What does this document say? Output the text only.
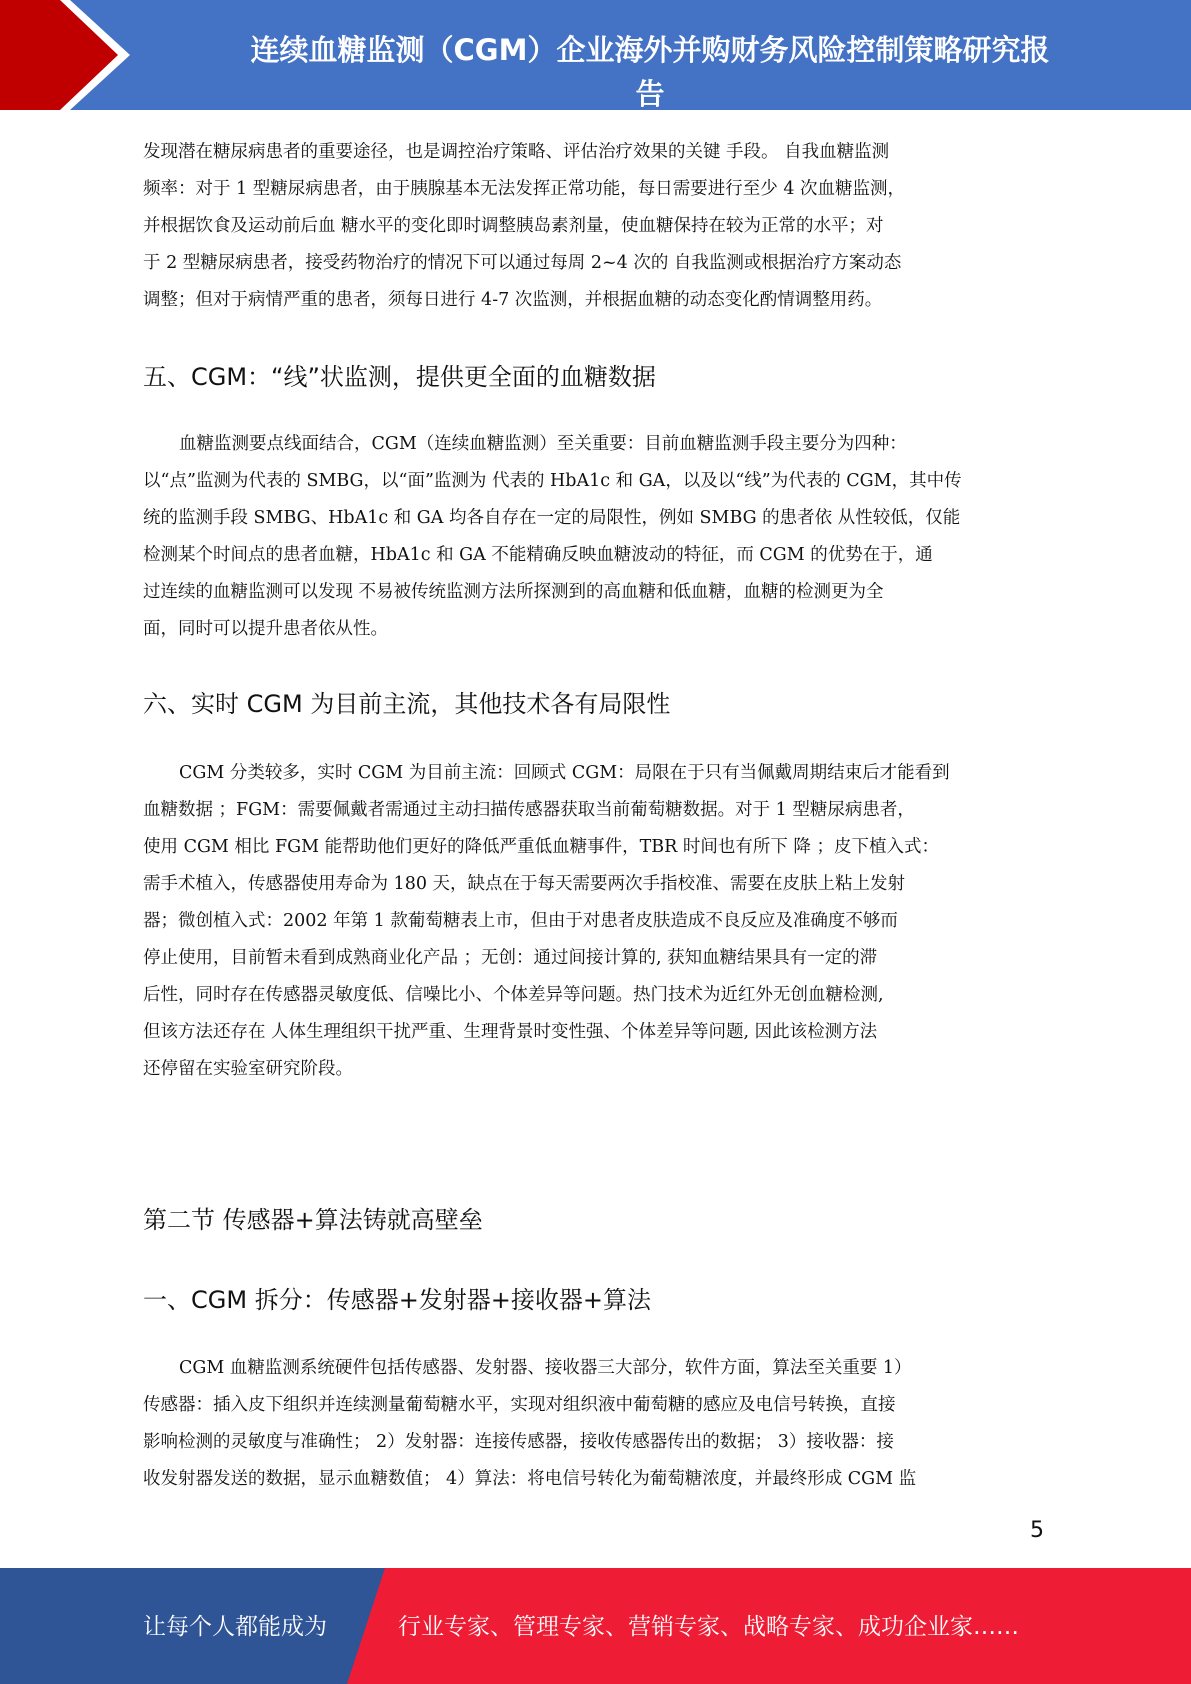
连续血糖监测（CGM）企业海外并购财务风险控制策略研究报
告
发现潜在糖尿病患者的重要途径，也是调控治疗策略、评估治疗效果的关键 手段。 自我血糖监测
频率：对于 1 型糖尿病患者，由于胰腺基本无法发挥正常功能，每日需要进行至少 4 次血糖监测，
并根据饮食及运动前后血 糖水平的变化即时调整胰岛素剂量，使血糖保持在较为正常的水平；对
于 2 型糖尿病患者，接受药物治疗的情况下可以通过每周 2~4 次的 自我监测或根据治疗方案动态
调整；但对于病情严重的患者，须每日进行 4-7 次监测，并根据血糖的动态变化酌情调整用药。
五、CGM：“线”状监测，提供更全面的血糖数据
血糖监测要点线面结合，CGM（连续血糖监测）至关重要：目前血糖监测手段主要分为四种：
以“点”监测为代表的 SMBG，以“面”监测为 代表的 HbA1c 和 GA，以及以“线”为代表的 CGM，其中传
统的监测手段 SMBG、HbA1c 和 GA 均各自存在一定的局限性，例如 SMBG 的患者依 从性较低，仅能
检测某个时间点的患者血糖，HbA1c 和 GA 不能精确反映血糖波动的特征，而 CGM 的优势在于，通
过连续的血糖监测可以发现 不易被传统监测方法所探测到的高血糖和低血糖，血糖的检测更为全
面，同时可以提升患者依从性。
六、实时 CGM 为目前主流，其他技术各有局限性
CGM 分类较多，实时 CGM 为目前主流：回顾式 CGM：局限在于只有当佩戴周期结束后才能看到
血糖数据 ；FGM：需要佩戴者需通过主动扫描传感器获取当前葡萄糖数据。对于 1 型糖尿病患者，
使用 CGM 相比 FGM 能帮助他们更好的降低严重低血糖事件，TBR 时间也有所下 降 ；皮下植入式：
需手术植入，传感器使用寿命为 180 天，缺点在于每天需要两次手指校准、需要在皮肤上粘上发射
器；微创植入式：2002 年第 1 款葡萄糖表上市，但由于对患者皮肤造成不良反应及准确度不够而
停止使用，目前暂未看到成熟商业化产品 ；无创：通过间接计算的, 获知血糖结果具有一定的滞
后性，同时存在传感器灵敏度低、信噪比小、个体差异等问题。热门技术为近红外无创血糖检测,
但该方法还存在 人体生理组织干扰严重、生理背景时变性强、个体差异等问题, 因此该检测方法
还停留在实验室研究阶段。
第二节 传感器+算法铸就高壁垒
一、CGM 拆分：传感器+发射器+接收器+算法
CGM 血糖监测系统硬件包括传感器、发射器、接收器三大部分，软件方面，算法至关重要 1）
传感器：插入皮下组织并连续测量葡萄糖水平，实现对组织液中葡萄糖的感应及电信号转换，直接
影响检测的灵敏度与准确性； 2）发射器：连接传感器，接收传感器传出的数据； 3）接收器：接
收发射器发送的数据，显示血糖数值； 4）算法：将电信号转化为葡萄糖浓度，并最终形成 CGM 监
5
让每个人都能成为	行业专家、管理专家、营销专家、战略专家、成功企业家……
